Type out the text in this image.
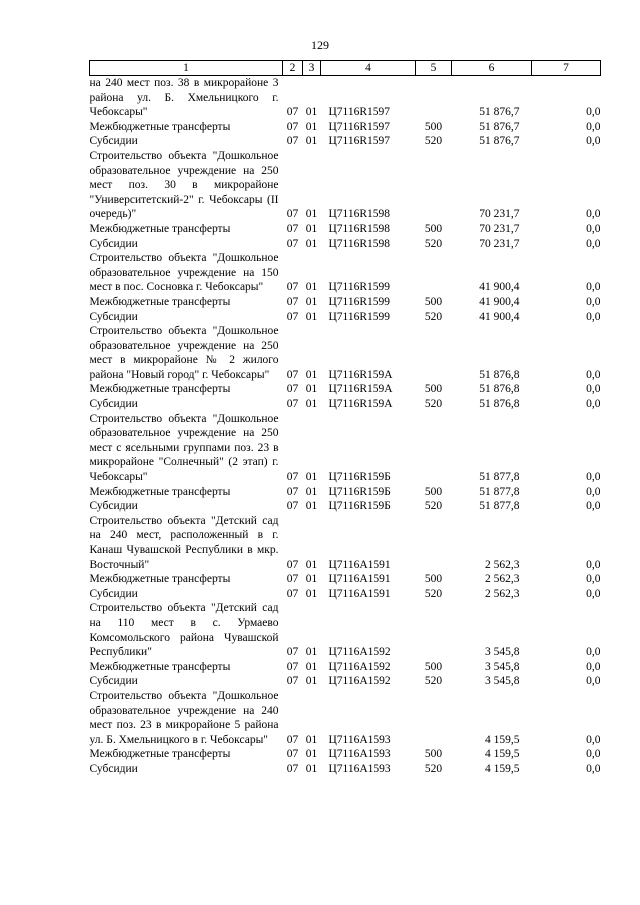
129
1	2	3	4	5	6	7
на 240 мест поз. 38 в микрорайоне 3 района ул. Б. Хмельницкого г. Чебоксары"	07	01	Ц7116R1597		51 876,7	0,0
Межбюджетные трансферты	07	01	Ц7116R1597	500	51 876,7	0,0
Субсидии	07	01	Ц7116R1597	520	51 876,7	0,0
Строительство объекта "Дошкольное образовательное учреждение на 250 мест поз. 30 в микрорайоне "Университетский-2" г. Чебоксары (II очередь)"	07	01	Ц7116R1598		70 231,7	0,0
Межбюджетные трансферты	07	01	Ц7116R1598	500	70 231,7	0,0
Субсидии	07	01	Ц7116R1598	520	70 231,7	0,0
Строительство объекта "Дошкольное образовательное учреждение на 150 мест в пос. Сосновка г. Чебоксары"	07	01	Ц7116R1599		41 900,4	0,0
Межбюджетные трансферты	07	01	Ц7116R1599	500	41 900,4	0,0
Субсидии	07	01	Ц7116R1599	520	41 900,4	0,0
Строительство объекта "Дошкольное образовательное учреждение на 250 мест в микрорайоне № 2 жилого района "Новый город" г. Чебоксары"	07	01	Ц7116R159А		51 876,8	0,0
Межбюджетные трансферты	07	01	Ц7116R159А	500	51 876,8	0,0
Субсидии	07	01	Ц7116R159А	520	51 876,8	0,0
Строительство объекта "Дошкольное образовательное учреждение на 250 мест с ясельными группами поз. 23 в микрорайоне "Солнечный" (2 этап) г. Чебоксары"	07	01	Ц7116R159Б		51 877,8	0,0
Межбюджетные трансферты	07	01	Ц7116R159Б	500	51 877,8	0,0
Субсидии	07	01	Ц7116R159Б	520	51 877,8	0,0
Строительство объекта "Детский сад на 240 мест, расположенный в г. Канаш Чувашской Республики в мкр. Восточный"	07	01	Ц7116A1591		2 562,3	0,0
Межбюджетные трансферты	07	01	Ц7116A1591	500	2 562,3	0,0
Субсидии	07	01	Ц7116A1591	520	2 562,3	0,0
Строительство объекта "Детский сад на 110 мест в с. Урмаево Комсомольского района Чувашской Республики"	07	01	Ц7116A1592		3 545,8	0,0
Межбюджетные трансферты	07	01	Ц7116A1592	500	3 545,8	0,0
Субсидии	07	01	Ц7116A1592	520	3 545,8	0,0
Строительство объекта "Дошкольное образовательное учреждение на 240 мест поз. 23 в микрорайоне 5 района ул. Б. Хмельницкого в г. Чебоксары"	07	01	Ц7116A1593		4 159,5	0,0
Межбюджетные трансферты	07	01	Ц7116A1593	500	4 159,5	0,0
Субсидии	07	01	Ц7116A1593	520	4 159,5	0,0
